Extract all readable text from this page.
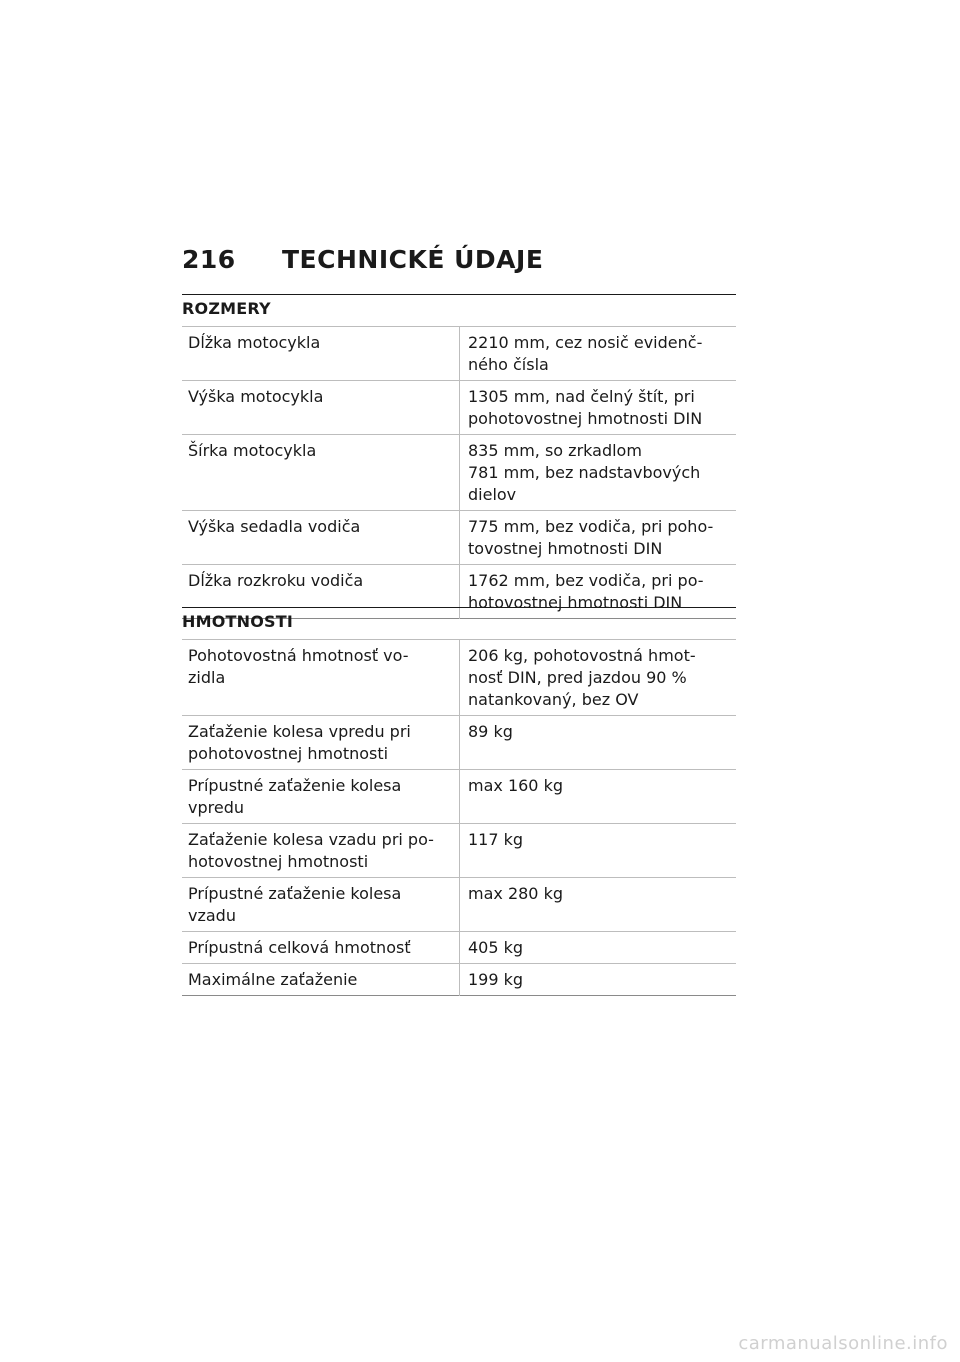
216	TECHNICKÉ ÚDAJE
ROZMERY
Dĺžka motocykla	2210 mm, cez nosič evidenč-
ného čísla
Výška motocykla	1305 mm, nad čelný štít, pri
pohotovostnej hmotnosti DIN
Šírka motocykla	835 mm, so zrkadlom
781 mm, bez nadstavbových
dielov
Výška sedadla vodiča	775 mm, bez vodiča, pri poho-
tovostnej hmotnosti DIN
Dĺžka rozkroku vodiča	1762 mm, bez vodiča, pri po-
hotovostnej hmotnosti DIN
HMOTNOSTI
Pohotovostná hmotnosť vo-
zidla	206 kg, pohotovostná hmot-
nosť DIN, pred jazdou 90 %
natankovaný, bez OV
Zaťaženie kolesa vpredu pri
pohotovostnej hmotnosti	89 kg
Prípustné zaťaženie kolesa
vpredu	max 160 kg
Zaťaženie kolesa vzadu pri po-
hotovostnej hmotnosti	117 kg
Prípustné zaťaženie kolesa
vzadu	max 280 kg
Prípustná celková hmotnosť	405 kg
Maximálne zaťaženie	199 kg
carmanualsonline.info
